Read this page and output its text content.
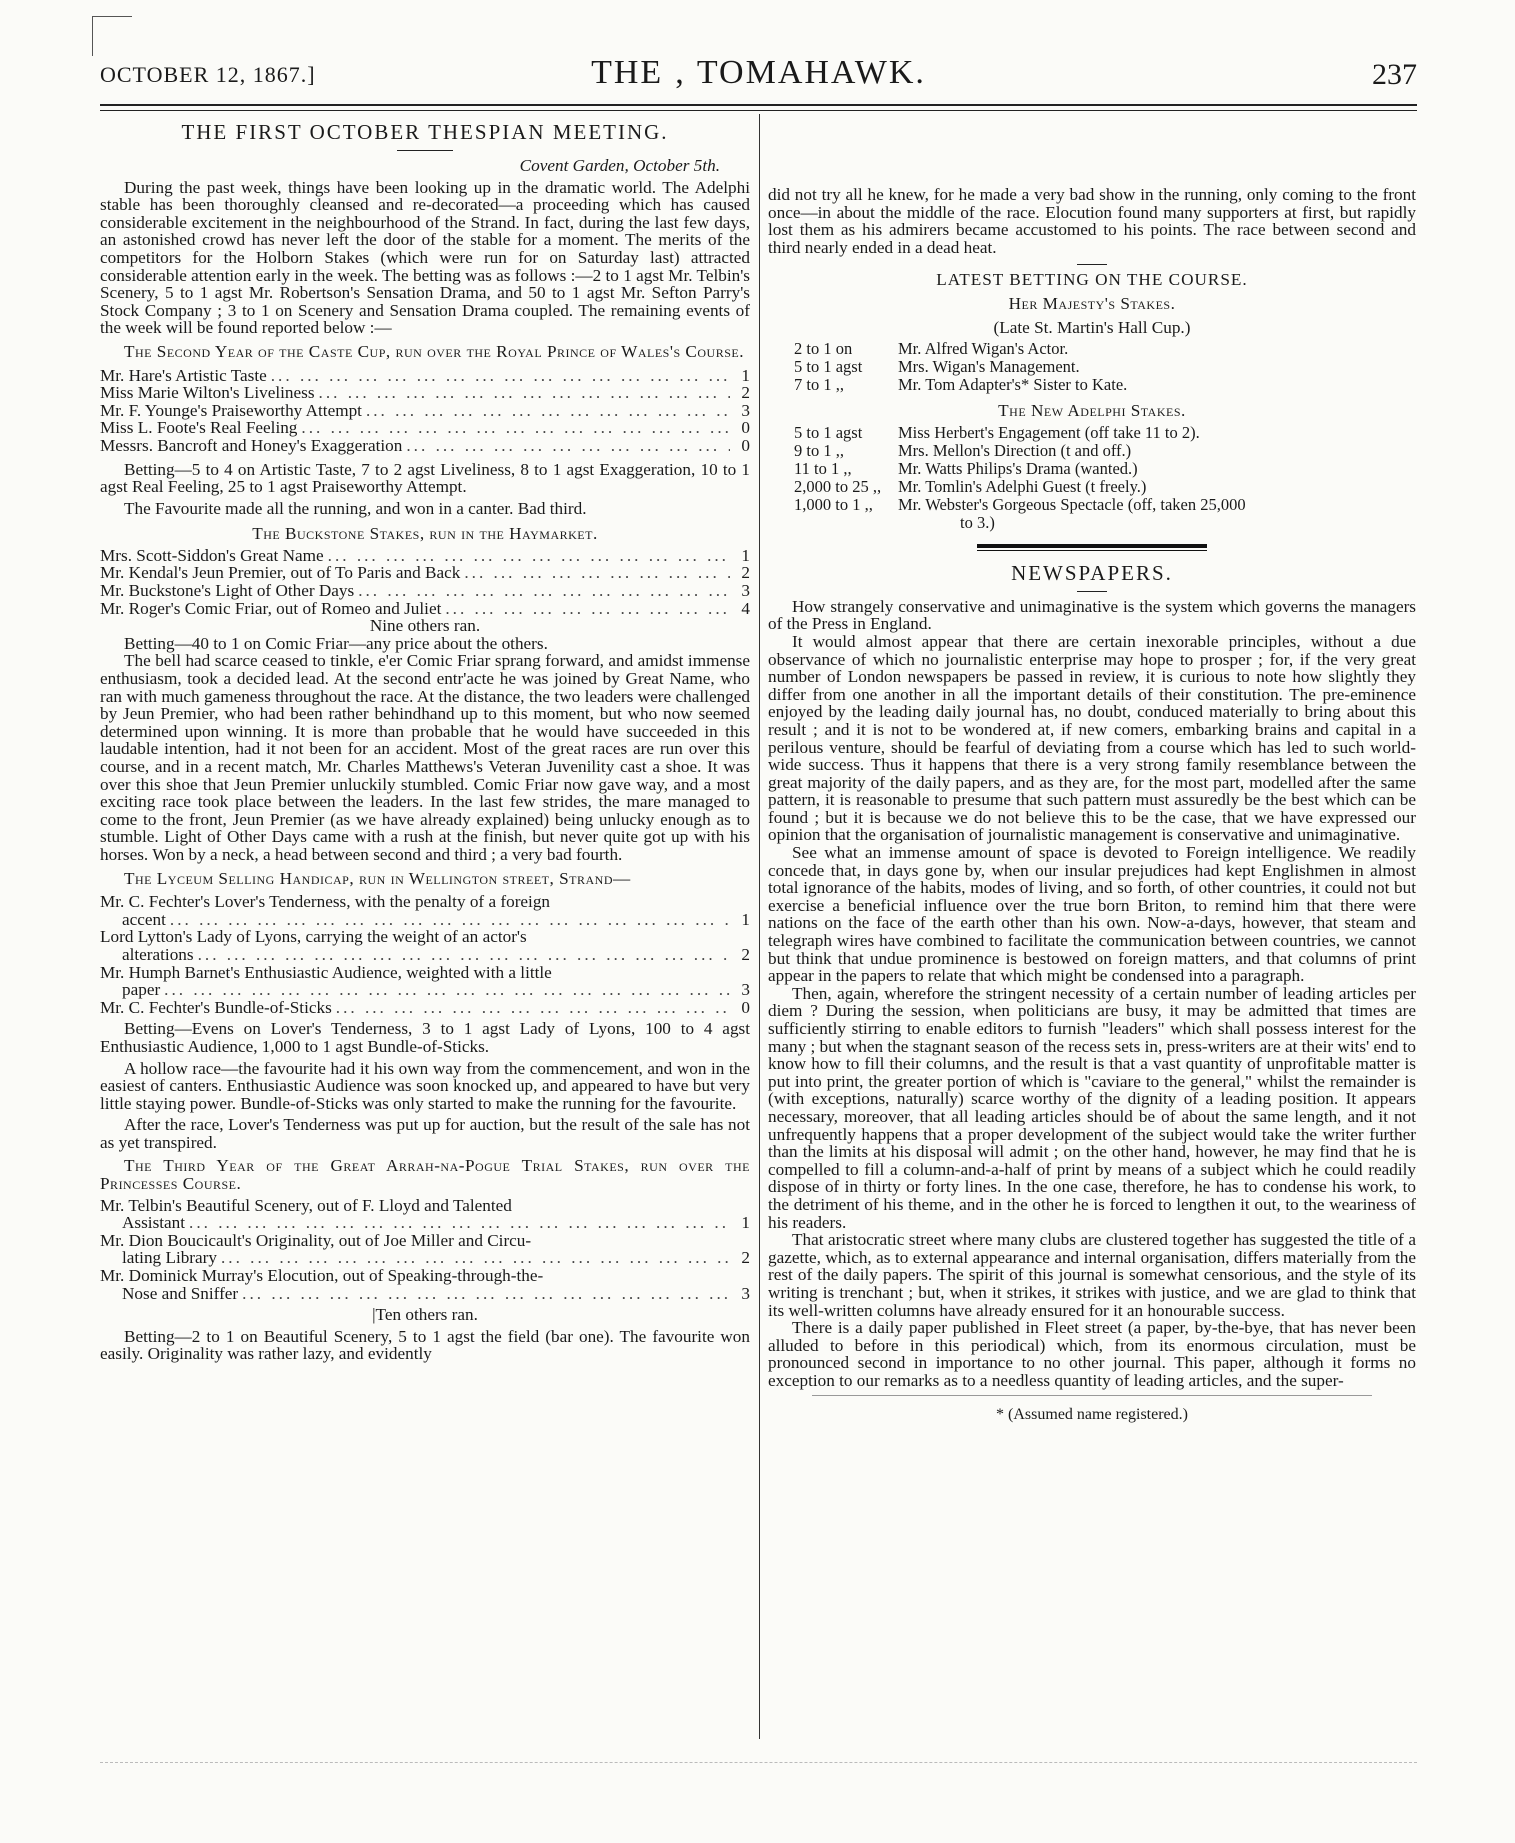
OCTOBER 12, 1867.]	THE ‚ TOMAHAWK.	237
THE FIRST OCTOBER THESPIAN MEETING.
Covent Garden, October 5th.

During the past week, things have been looking up in the dramatic world. The Adelphi stable has been thoroughly cleansed and re-decorated—a proceeding which has caused considerable excitement in the neighbourhood of the Strand. In fact, during the last few days, an astonished crowd has never left the door of the stable for a moment. The merits of the competitors for the Holborn Stakes (which were run for on Saturday last) attracted considerable attention early in the week. The betting was as follows :—2 to 1 agst Mr. Telbin's Scenery, 5 to 1 agst Mr. Robertson's Sensation Drama, and 50 to 1 agst Mr. Sefton Parry's Stock Company ; 3 to 1 on Scenery and Sensation Drama coupled. The remaining events of the week will be found reported below :—

The Second Year of the Caste Cup, run over the Royal Prince of Wales's Course.

Mr. Hare's Artistic Taste ... .	1
Miss Marie Wilton's Liveliness ... .	2
Mr. F. Younge's Praiseworthy Attempt ... .	3
Miss L. Foote's Real Feeling ... .	0
Messrs. Bancroft and Honey's Exaggeration ... .	0

Betting—5 to 4 on Artistic Taste, 7 to 2 agst Liveliness, 8 to 1 agst Exaggeration, 10 to 1 agst Real Feeling, 25 to 1 agst Praiseworthy Attempt.

The Favourite made all the running, and won in a canter. Bad third.

The Buckstone Stakes, run in the Haymarket.

Mrs. Scott-Siddon's Great Name ... .	1
Mr. Kendal's Jeun Premier, out of To Paris and Back ... .	2
Mr. Buckstone's Light of Other Days ... .	3
Mr. Roger's Comic Friar, out of Romeo and Juliet ... .	4

Nine others ran.

Betting—40 to 1 on Comic Friar—any price about the others.

The bell had scarce ceased to tinkle, e'er Comic Friar sprang forward, and amidst immense enthusiasm, took a decided lead. At the second entr'acte he was joined by Great Name, who ran with much gameness throughout the race. At the distance, the two leaders were challenged by Jeun Premier, who had been rather behindhand up to this moment, but who now seemed determined upon winning. It is more than probable that he would have succeeded in this laudable intention, had it not been for an accident. Most of the great races are run over this course, and in a recent match, Mr. Charles Matthews's Veteran Juvenility cast a shoe. It was over this shoe that Jeun Premier unluckily stumbled. Comic Friar now gave way, and a most exciting race took place between the leaders. In the last few strides, the mare managed to come to the front, Jeun Premier (as we have already explained) being unlucky enough as to stumble. Light of Other Days came with a rush at the finish, but never quite got up with his horses. Won by a neck, a head between second and third ; a very bad fourth.

The Lyceum Selling Handicap, run in Wellington street, Strand—

Mr. C. Fechter's Lover's Tenderness, with the penalty of a foreign
accent ... .	1
Lord Lytton's Lady of Lyons, carrying the weight of an actor's
alterations ... .	2
Mr. Humph Barnet's Enthusiastic Audience, weighted with a little
paper ... .	3
Mr. C. Fechter's Bundle-of-Sticks ... .	0

Betting—Evens on Lover's Tenderness, 3 to 1 agst Lady of Lyons, 100 to 4 agst Enthusiastic Audience, 1,000 to 1 agst Bundle-of-Sticks.

A hollow race—the favourite had it his own way from the commencement, and won in the easiest of canters. Enthusiastic Audience was soon knocked up, and appeared to have but very little staying power. Bundle-of-Sticks was only started to make the running for the favourite.

After the race, Lover's Tenderness was put up for auction, but the result of the sale has not as yet transpired.

The Third Year of the Great Arrah-na-Pogue Trial Stakes, run over the Princesses Course.

Mr. Telbin's Beautiful Scenery, out of F. Lloyd and Talented
Assistant ... .	1
Mr. Dion Boucicault's Originality, out of Joe Miller and Circu-
lating Library ... .	2
Mr. Dominick Murray's Elocution, out of Speaking-through-the-
Nose and Sniffer ... .	3

|Ten others ran.

Betting—2 to 1 on Beautiful Scenery, 5 to 1 agst the field (bar one). The favourite won easily. Originality was rather lazy, and evidently

did not try all he knew, for he made a very bad show in the running, only coming to the front once—in about the middle of the race. Elocution found many supporters at first, but rapidly lost them as his admirers became accustomed to his points. The race between second and third nearly ended in a dead heat.

LATEST BETTING ON THE COURSE.

Her Majesty's Stakes.

(Late St. Martin's Hall Cup.)

2 to 1 on	Mr. Alfred Wigan's Actor.
5 to 1 agst	Mrs. Wigan's Management.
7 to 1 ,,	Mr. Tom Adapter's* Sister to Kate.

The New Adelphi Stakes.

5 to 1 agst	Miss Herbert's Engagement (off take 11 to 2).
9 to 1 ,,	Mrs. Mellon's Direction (t and off.)
11 to 1 ,,	Mr. Watts Philips's Drama (wanted.)
2,000 to 25 ,,	Mr. Tomlin's Adelphi Guest (t freely.)
1,000 to 1 ,,	Mr. Webster's Gorgeous Spectacle (off, taken 25,000
to 3.)
NEWSPAPERS.

How strangely conservative and unimaginative is the system which governs the managers of the Press in England.

It would almost appear that there are certain inexorable principles, without a due observance of which no journalistic enterprise may hope to prosper ; for, if the very great number of London newspapers be passed in review, it is curious to note how slightly they differ from one another in all the important details of their constitution. The pre-eminence enjoyed by the leading daily journal has, no doubt, conduced materially to bring about this result ; and it is not to be wondered at, if new comers, embarking brains and capital in a perilous venture, should be fearful of deviating from a course which has led to such world-wide success. Thus it happens that there is a very strong family resemblance between the great majority of the daily papers, and as they are, for the most part, modelled after the same pattern, it is reasonable to presume that such pattern must assuredly be the best which can be found ; but it is because we do not believe this to be the case, that we have expressed our opinion that the organisation of journalistic management is conservative and unimaginative.

See what an immense amount of space is devoted to Foreign intelligence. We readily concede that, in days gone by, when our insular prejudices had kept Englishmen in almost total ignorance of the habits, modes of living, and so forth, of other countries, it could not but exercise a beneficial influence over the true born Briton, to remind him that there were nations on the face of the earth other than his own. Now-a-days, however, that steam and telegraph wires have combined to facilitate the communication between countries, we cannot but think that undue prominence is bestowed on foreign matters, and that columns of print appear in the papers to relate that which might be condensed into a paragraph.

Then, again, wherefore the stringent necessity of a certain number of leading articles per diem ? During the session, when politicians are busy, it may be admitted that times are sufficiently stirring to enable editors to furnish "leaders" which shall possess interest for the many ; but when the stagnant season of the recess sets in, press-writers are at their wits' end to know how to fill their columns, and the result is that a vast quantity of unprofitable matter is put into print, the greater portion of which is "caviare to the general," whilst the remainder is (with exceptions, naturally) scarce worthy of the dignity of a leading position. It appears necessary, moreover, that all leading articles should be of about the same length, and it not unfrequently happens that a proper development of the subject would take the writer further than the limits at his disposal will admit ; on the other hand, however, he may find that he is compelled to fill a column-and-a-half of print by means of a subject which he could readily dispose of in thirty or forty lines. In the one case, therefore, he has to condense his work, to the detriment of his theme, and in the other he is forced to lengthen it out, to the weariness of his readers.

That aristocratic street where many clubs are clustered together has suggested the title of a gazette, which, as to external appearance and internal organisation, differs materially from the rest of the daily papers. The spirit of this journal is somewhat censorious, and the style of its writing is trenchant ; but, when it strikes, it strikes with justice, and we are glad to think that its well-written columns have already ensured for it an honourable success.

There is a daily paper published in Fleet street (a paper, by-the-bye, that has never been alluded to before in this periodical) which, from its enormous circulation, must be pronounced second in importance to no other journal. This paper, although it forms no exception to our remarks as to a needless quantity of leading articles, and the super-

* (Assumed name registered.)
